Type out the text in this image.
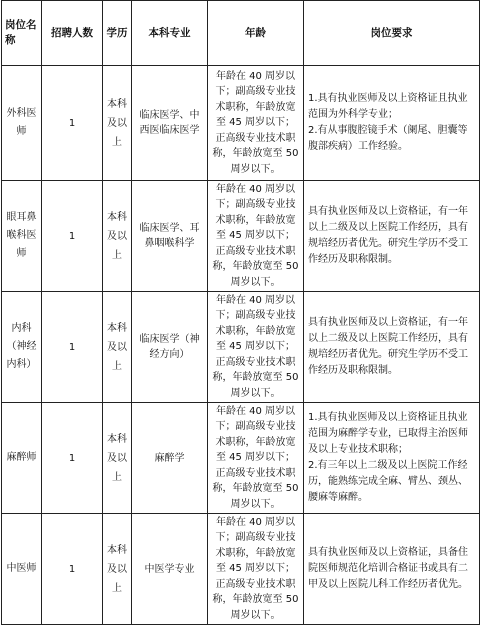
岗位名称	招聘人数	学历	本科专业	年龄	岗位要求
外科医师	1	本科及以上	临床医学、中西医临床医学	年龄在 40 周岁以下；副高级专业技术职称，年龄放宽至 45 周岁以下；正高级专业技术职称，年龄放宽至 50 周岁以下。	1.具有执业医师及以上资格证且执业范围为外科学专业；
2.有从事腹腔镜手术（阑尾、胆囊等腹部疾病）工作经验。

眼耳鼻喉科医师	1	本科及以上	临床医学、耳鼻咽喉科学	年龄在 40 周岁以下；副高级专业技术职称，年龄放宽至 45 周岁以下；正高级专业技术职称，年龄放宽至 50 周岁以下。	具有执业医师及以上资格证，有一年以上二级及以上医院工作经历，具有规培经历者优先。研究生学历不受工作经历及职称限制。

内科（神经内科）	1	本科及以上	临床医学（神经方向）	年龄在 40 周岁以下；副高级专业技术职称，年龄放宽至 45 周岁以下；正高级专业技术职称，年龄放宽至 50 周岁以下。	具有执业医师及以上资格证，有一年以上二级及以上医院工作经历，具有规培经历者优先。研究生学历不受工作经历及职称限制。

麻醉师	1	本科及以上	麻醉学	年龄在 40 周岁以下；副高级专业技术职称，年龄放宽至 45 周岁以下；正高级专业技术职称，年龄放宽至 50 周岁以下。	1.具有执业医师及以上资格证且执业范围为麻醉学专业，已取得主治医师及以上专业技术职称；
2.有三年以上二级及以上医院工作经历，能熟练完成全麻、臂丛、颈丛、腰麻等麻醉。

中医师	1	本科及以上	中医学专业	年龄在 40 周岁以下；副高级专业技术职称，年龄放宽至 45 周岁以下；正高级专业技术职称，年龄放宽至 50 周岁以下。	具有执业医师及以上资格证，具备住院医师规范化培训合格证书或具有二甲及以上医院儿科工作经历者优先。
